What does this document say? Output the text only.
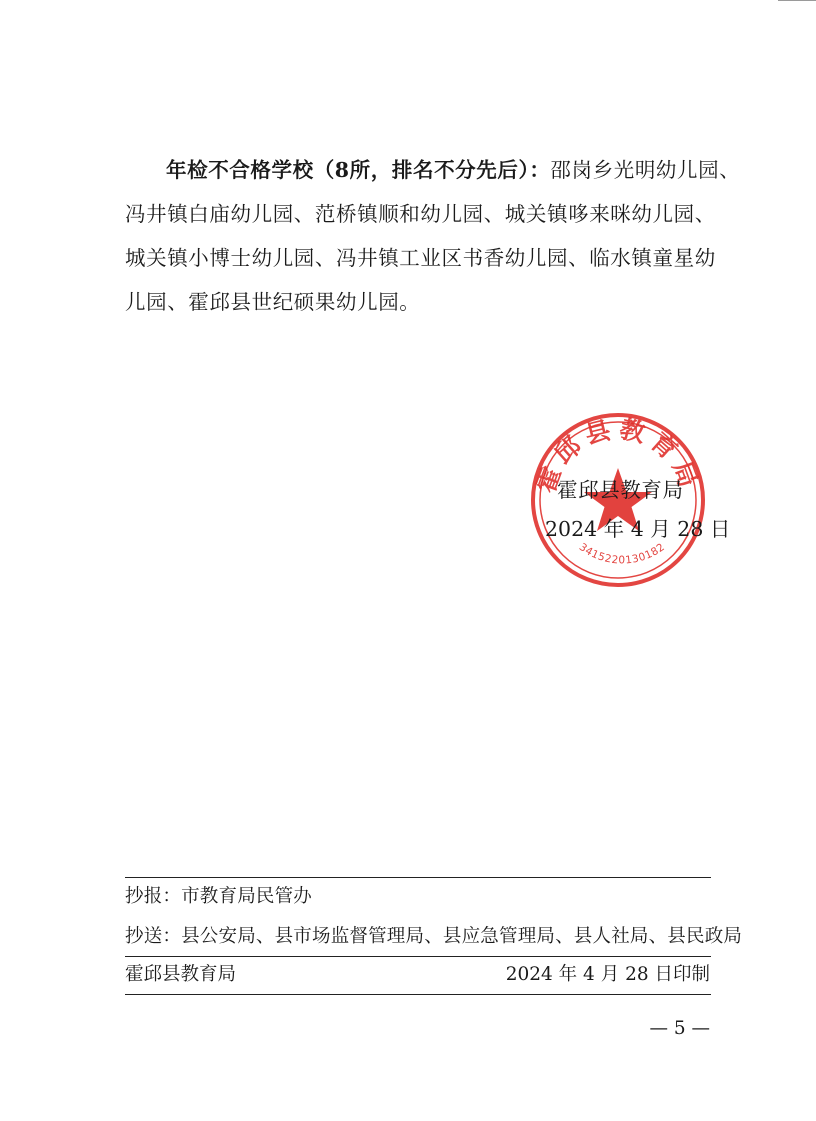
年检不合格学校（8所，排名不分先后）：邵岗乡光明幼儿园、
冯井镇白庙幼儿园、范桥镇顺和幼儿园、城关镇哆来咪幼儿园、
城关镇小博士幼儿园、冯井镇工业区书香幼儿园、临水镇童星幼
儿园、霍邱县世纪硕果幼儿园。
霍邱县教育局
3415220130182
霍邱县教育局
2024 年 4 月 28 日
抄报：市教育局民管办
抄送：县公安局、县市场监督管理局、县应急管理局、县人社局、县民政局
霍邱县教育局	2024 年 4 月 28 日印制
— 5 —
